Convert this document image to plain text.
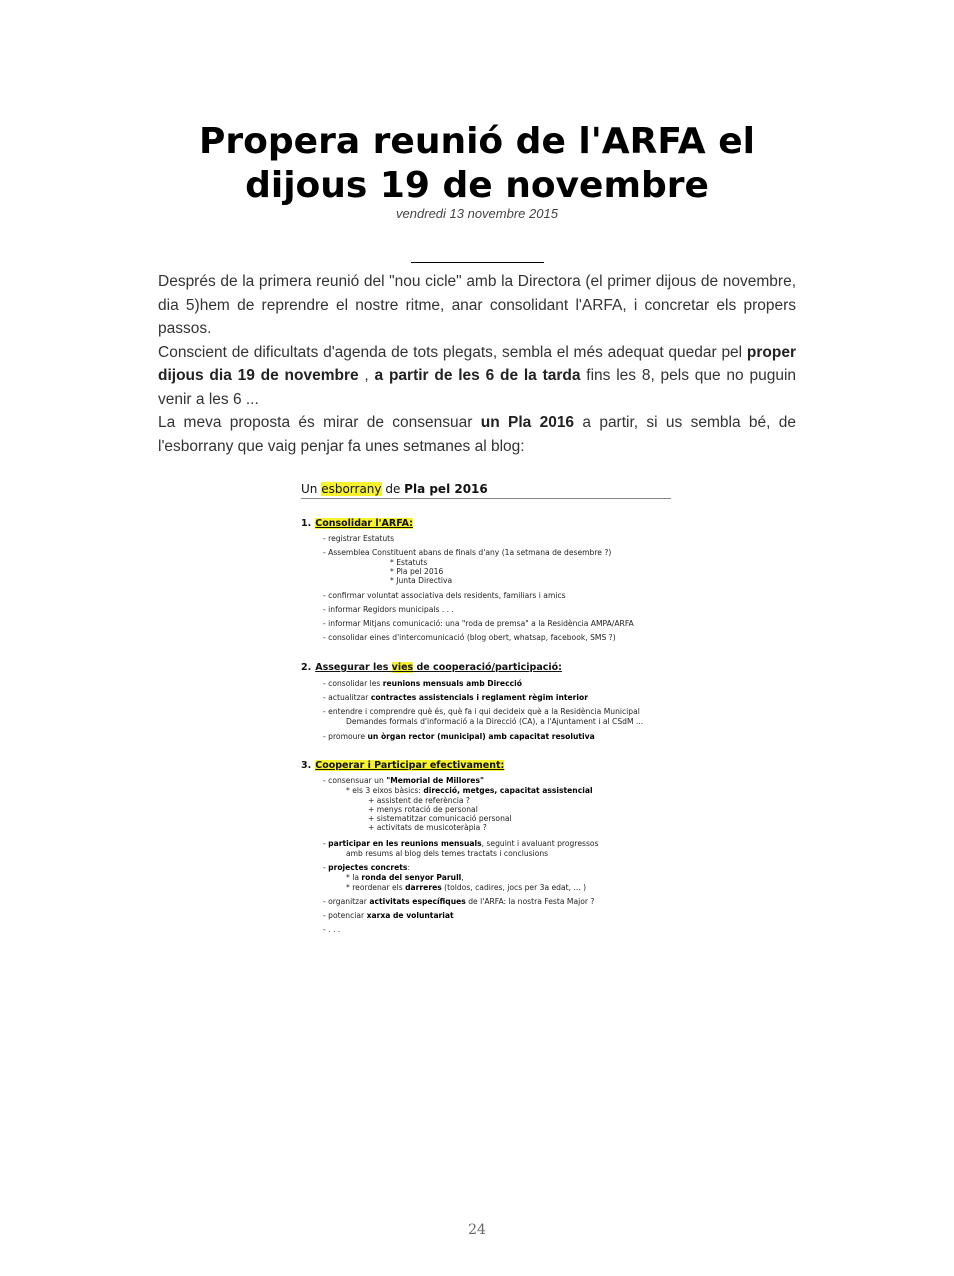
Propera reunió de l'ARFA el
dijous 19 de novembre
vendredi 13 novembre 2015

Després de la primera reunió del "nou cicle" amb la Directora (el primer dijous de novembre, dia 5)hem de reprendre el nostre ritme, anar consolidant l'ARFA, i concretar els propers passos.

Conscient de dificultats d'agenda de tots plegats, sembla el més adequat quedar pel proper dijous dia 19 de novembre , a partir de les 6 de la tarda fins les 8, pels que no puguin venir a les 6 ...

La meva proposta és mirar de consensuar un Pla 2016 a partir, si us sembla bé, de l'esborrany que vaig penjar fa unes setmanes al blog:

Un esborrany de Pla pel 2016
1. Consolidar l'ARFA:
- registrar Estatuts
- Assemblea Constituent abans de finals d'any (1a setmana de desembre ?)
* Estatuts
* Pla pel 2016
* Junta Directiva
- confirmar voluntat associativa dels residents, familiars i amics
- informar Regidors municipals . . .
- informar Mitjans comunicació: una "roda de premsa" a la Residència AMPA/ARFA
- consolidar eines d'intercomunicació (blog obert, whatsap, facebook, SMS ?)
2. Assegurar les vies de cooperació/participació:
- consolidar les reunions mensuals amb Direcció
- actualitzar contractes assistencials i reglament règim interior
- entendre i comprendre què és, què fa i qui decideix què a la Residència Municipal
Demandes formals d'informació a la Direcció (CA), a l'Ajuntament i al CSdM ...
- promoure un òrgan rector (municipal) amb capacitat resolutiva
3. Cooperar i Participar efectivament:
- consensuar un "Memorial de Millores"
* els 3 eixos bàsics: direcció, metges, capacitat assistencial
+ assistent de referència ?
+ menys rotació de personal
+ sistematitzar comunicació personal
+ activitats de musicoteràpia ?
- participar en les reunions mensuals, seguint i avaluant progressos
amb resums al blog dels temes tractats i conclusions
- projectes concrets:
* la ronda del senyor Parull,
* reordenar els darreres (toldos, cadires, jocs per 3a edat, ... )
- organitzar activitats específiques de l'ARFA: la nostra Festa Major ?
- potenciar xarxa de voluntariat
- . . .
24
